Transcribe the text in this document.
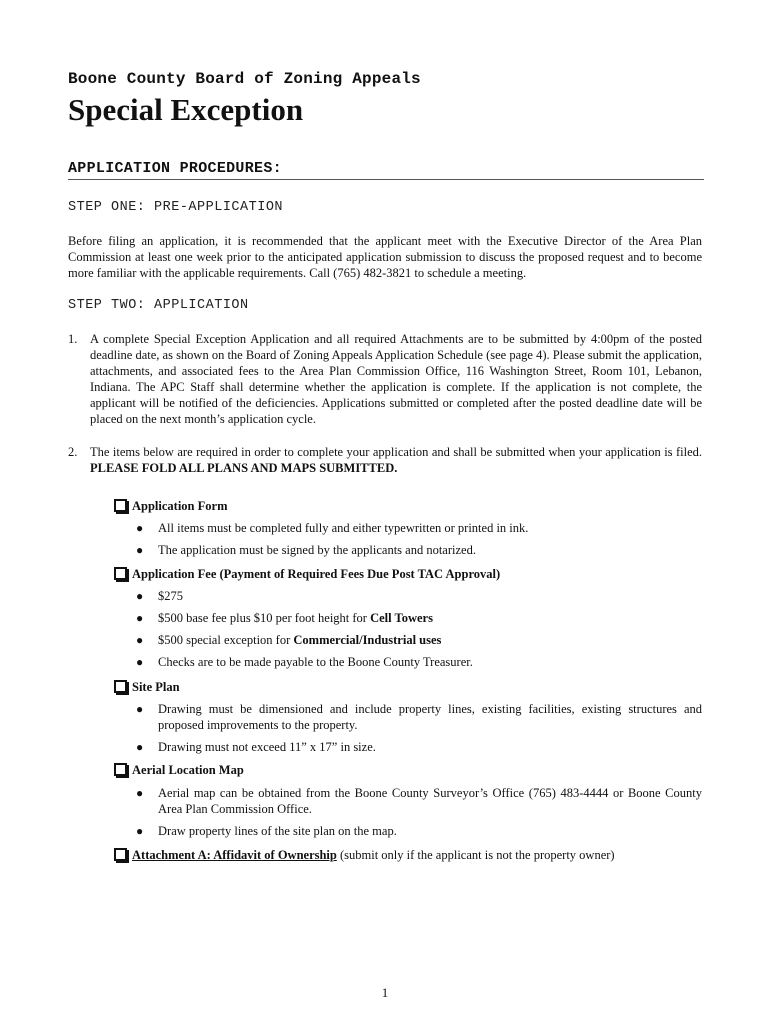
Boone County Board of Zoning Appeals
Special Exception
APPLICATION PROCEDURES:
STEP ONE: PRE-APPLICATION
Before filing an application, it is recommended that the applicant meet with the Executive Director of the Area Plan Commission at least one week prior to the anticipated application submission to discuss the proposed request and to become more familiar with the applicable requirements. Call (765) 482-3821 to schedule a meeting.
STEP TWO: APPLICATION
1. A complete Special Exception Application and all required Attachments are to be submitted by 4:00pm of the posted deadline date, as shown on the Board of Zoning Appeals Application Schedule (see page 4). Please submit the application, attachments, and associated fees to the Area Plan Commission Office, 116 Washington Street, Room 101, Lebanon, Indiana. The APC Staff shall determine whether the application is complete. If the application is not complete, the applicant will be notified of the deficiencies. Applications submitted or completed after the posted deadline date will be placed on the next month’s application cycle.
2. The items below are required in order to complete your application and shall be submitted when your application is filed. PLEASE FOLD ALL PLANS AND MAPS SUBMITTED.
Application Form
● All items must be completed fully and either typewritten or printed in ink.
● The application must be signed by the applicants and notarized.
Application Fee (Payment of Required Fees Due Post TAC Approval)
● $275
● $500 base fee plus $10 per foot height for Cell Towers
● $500 special exception for Commercial/Industrial uses
● Checks are to be made payable to the Boone County Treasurer.
Site Plan
● Drawing must be dimensioned and include property lines, existing facilities, existing structures and proposed improvements to the property.
● Drawing must not exceed 11” x 17” in size.
Aerial Location Map
● Aerial map can be obtained from the Boone County Surveyor’s Office (765) 483-4444 or Boone County Area Plan Commission Office.
● Draw property lines of the site plan on the map.
Attachment A: Affidavit of Ownership (submit only if the applicant is not the property owner)
1
